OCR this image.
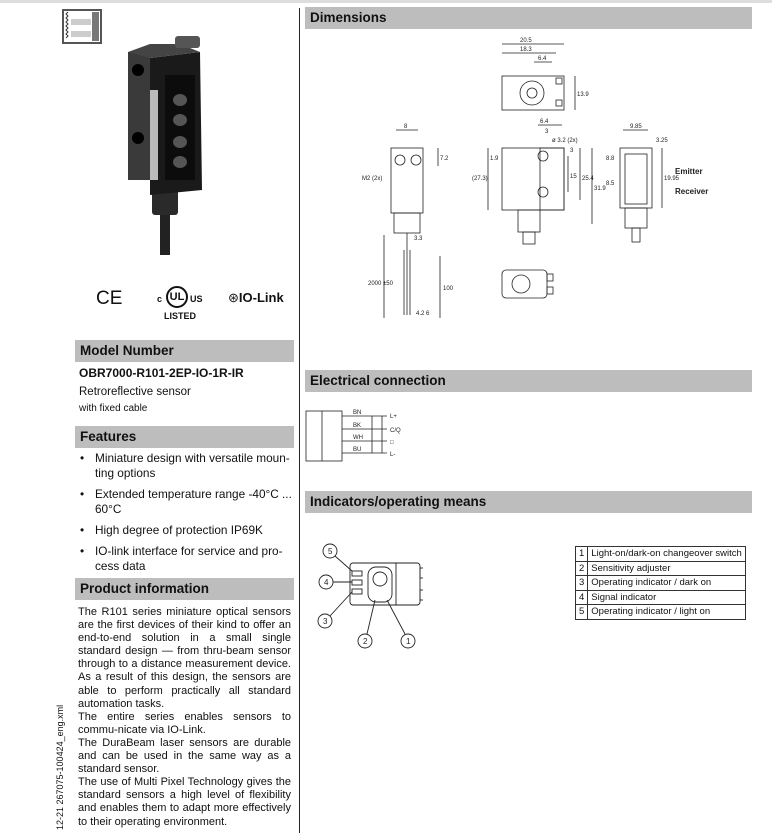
CE	c UL US
LISTED
⊛IO-Link
Model Number
OBR7000-R101-2EP-IO-1R-IR
Retroreflective sensor
with fixed cable
Features
• Miniature design with versatile moun-ting options
• Extended temperature range -40°C ... 60°C
• High degree of protection IP69K
• IO-link interface for service and pro-cess data
Product information

The R101 series miniature optical sensors are the first devices of their kind to offer an end-to-end solution in a small single standard design — from thru-beam sensor through to a distance measurement device. As a result of this design, the sensors are able to perform practically all standard automation tasks.

The entire series enables sensors to commu-nicate via IO-Link.

The DuraBeam laser sensors are durable and can be used in the same way as a standard sensor.

The use of Multi Pixel Technology gives the standard sensors a high level of flexibility and enables them to adapt more effectively to their operating environment.

12-21 267075-100424_eng.xml
Dimensions
20.5
18.3
6.4
13.9
8
7.2
M2 (2x)
3.3
2000 ±50
100
4.2 6
6.4
3
ø 3.2 (2x)
1.9
(27.3)
3
15 25.4
31.9
9.85
3.25
8.8
8.5
19.95
Emitter
Receiver
Electrical connection
BN
BK
WH
BU
L+
C/Q
□
L-
Indicators/operating means
1
2
3
4
5	1	Light-on/dark-on changeover switch
2	Sensitivity adjuster
3	Operating indicator / dark on
4	Signal indicator
5	Operating indicator / light on
